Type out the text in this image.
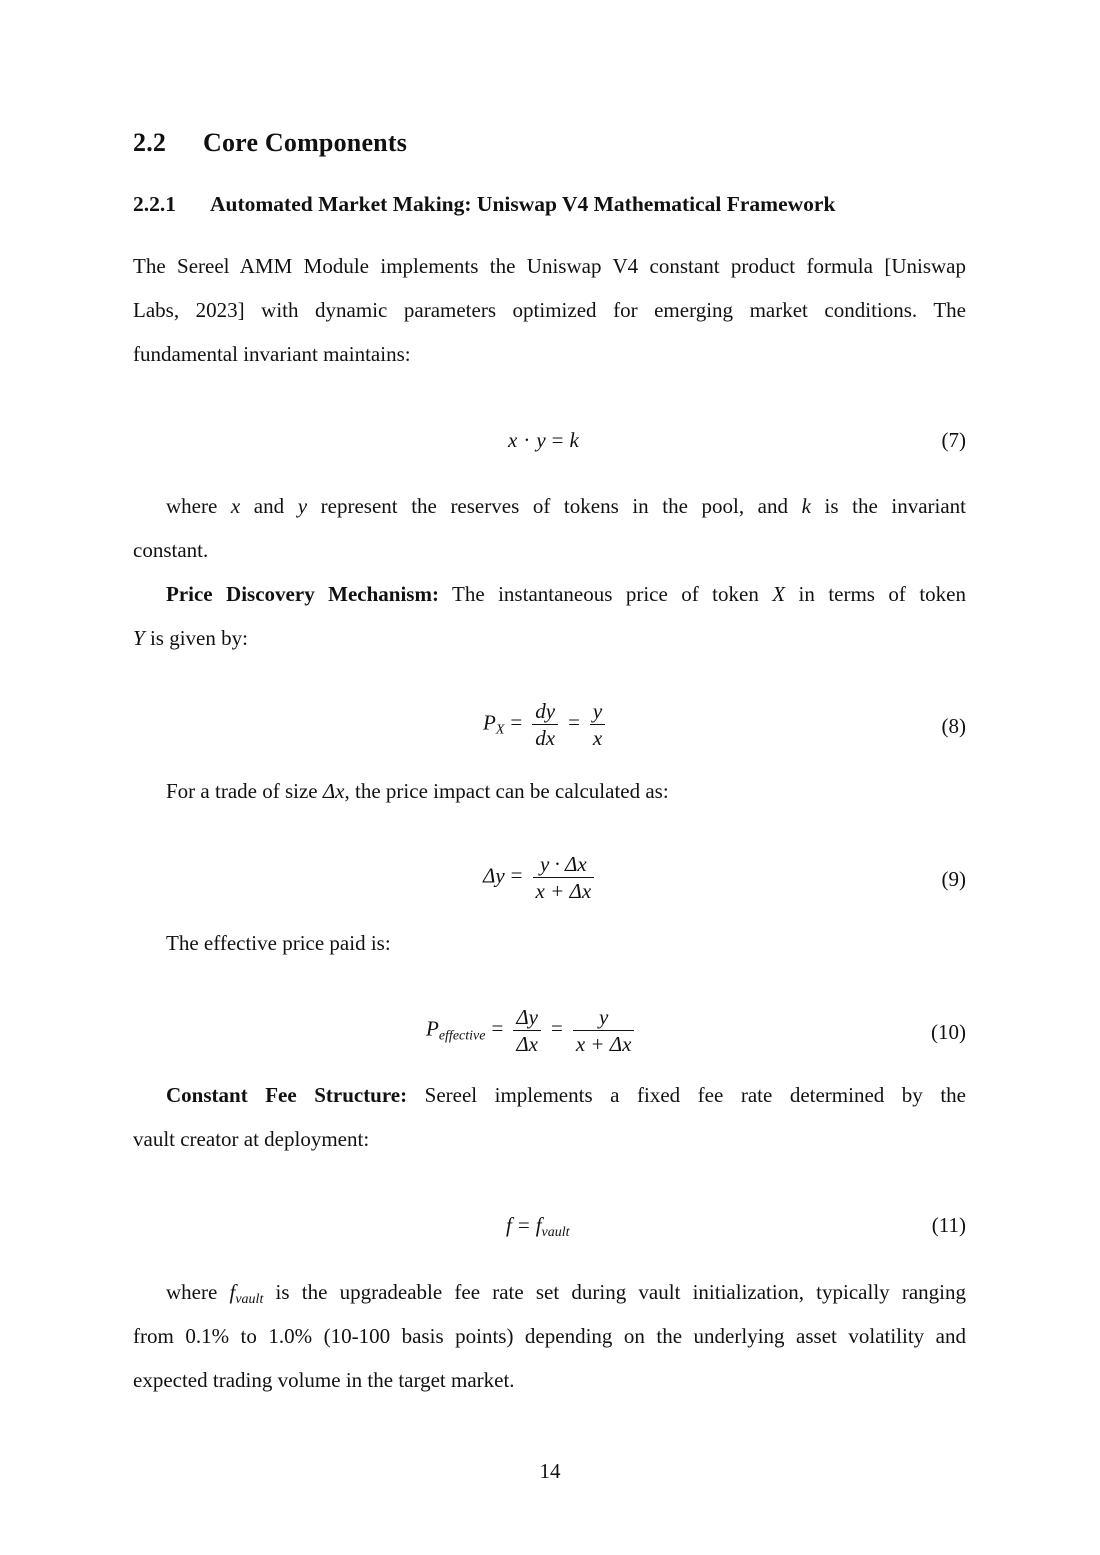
2.2 Core Components
2.2.1 Automated Market Making: Uniswap V4 Mathematical Framework
The Sereel AMM Module implements the Uniswap V4 constant product formula [Uniswap
Labs, 2023] with dynamic parameters optimized for emerging market conditions. The
fundamental invariant maintains:
x · y = k	(7)
where x and y represent the reserves of tokens in the pool, and k is the invariant
constant.
Price Discovery Mechanism: The instantaneous price of token X in terms of token
Y is given by:
$P_X = \frac{dy}{dx} = \frac{y}{x}$	(8)
For a trade of size Δx, the price impact can be calculated as:
$\Delta y = \frac{y \cdot \Delta x}{x + \Delta x}$	(9)
The effective price paid is:
$P_{effective} = \frac{\Delta y}{\Delta x} = \frac{y}{x + \Delta x}$	(10)
Constant Fee Structure: Sereel implements a fixed fee rate determined by the
vault creator at deployment:
$f = f_{vault}$	(11)
where $f_{vault}$ is the upgradeable fee rate set during vault initialization, typically ranging
from 0.1% to 1.0% (10-100 basis points) depending on the underlying asset volatility and
expected trading volume in the target market.
14
